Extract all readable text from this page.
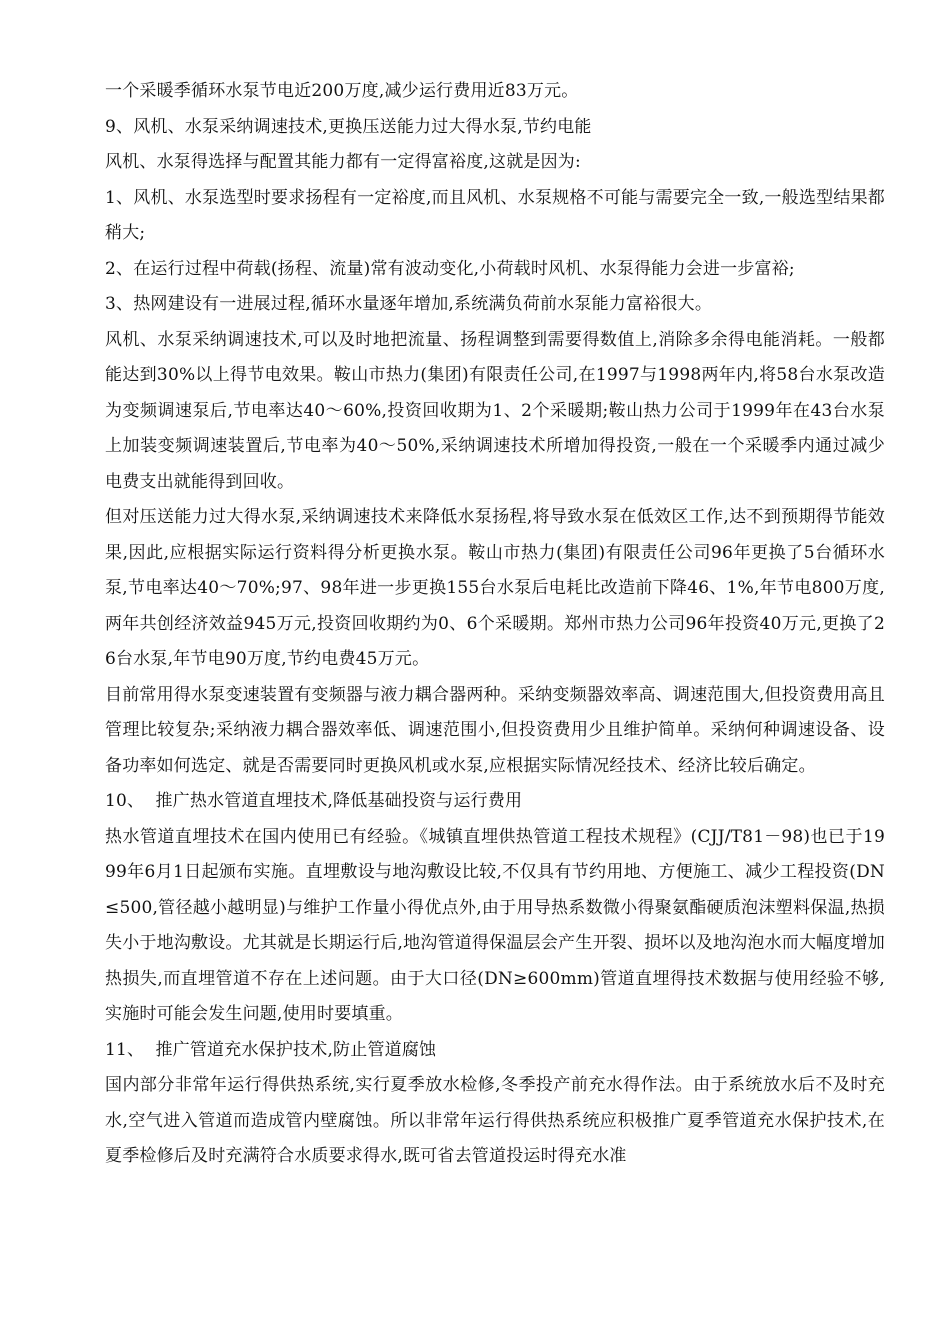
一个采暖季循环水泵节电近200万度,减少运行费用近83万元。

9、风机、水泵采纳调速技术,更换压送能力过大得水泵,节约电能

风机、水泵得选择与配置其能力都有一定得富裕度,这就是因为:

1、风机、水泵选型时要求扬程有一定裕度,而且风机、水泵规格不可能与需要完全一致,一般选型结果都稍大;

2、在运行过程中荷载(扬程、流量)常有波动变化,小荷载时风机、水泵得能力会进一步富裕;

3、热网建设有一进展过程,循环水量逐年增加,系统满负荷前水泵能力富裕很大。

风机、水泵采纳调速技术,可以及时地把流量、扬程调整到需要得数值上,消除多余得电能消耗。一般都能达到30%以上得节电效果。鞍山市热力(集团)有限责任公司,在1997与1998两年内,将58台水泵改造为变频调速泵后,节电率达40～60%,投资回收期为1、2个采暖期;鞍山热力公司于1999年在43台水泵上加装变频调速装置后,节电率为40～50%,采纳调速技术所增加得投资,一般在一个采暖季内通过减少电费支出就能得到回收。

但对压送能力过大得水泵,采纳调速技术来降低水泵扬程,将导致水泵在低效区工作,达不到预期得节能效果,因此,应根据实际运行资料得分析更换水泵。鞍山市热力(集团)有限责任公司96年更换了5台循环水泵,节电率达40～70%;97、98年进一步更换155台水泵后电耗比改造前下降46、1%,年节电800万度,两年共创经济效益945万元,投资回收期约为0、6个采暖期。郑州市热力公司96年投资40万元,更换了26台水泵,年节电90万度,节约电费45万元。

目前常用得水泵变速装置有变频器与液力耦合器两种。采纳变频器效率高、调速范围大,但投资费用高且管理比较复杂;采纳液力耦合器效率低、调速范围小,但投资费用少且维护简单。采纳何种调速设备、设备功率如何选定、就是否需要同时更换风机或水泵,应根据实际情况经技术、经济比较后确定。

10、  推广热水管道直埋技术,降低基础投资与运行费用

热水管道直埋技术在国内使用已有经验。《城镇直埋供热管道工程技术规程》(CJJ/T81－98)也已于1999年6月1日起颁布实施。直埋敷设与地沟敷设比较,不仅具有节约用地、方便施工、减少工程投资(DN≤500,管径越小越明显)与维护工作量小得优点外,由于用导热系数微小得聚氨酯硬质泡沫塑料保温,热损失小于地沟敷设。尤其就是长期运行后,地沟管道得保温层会产生开裂、损坏以及地沟泡水而大幅度增加热损失,而直埋管道不存在上述问题。由于大口径(DN≥600mm)管道直埋得技术数据与使用经验不够,实施时可能会发生问题,使用时要填重。

11、  推广管道充水保护技术,防止管道腐蚀

国内部分非常年运行得供热系统,实行夏季放水检修,冬季投产前充水得作法。由于系统放水后不及时充水,空气进入管道而造成管内壁腐蚀。所以非常年运行得供热系统应积极推广夏季管道充水保护技术,在夏季检修后及时充满符合水质要求得水,既可省去管道投运时得充水准
